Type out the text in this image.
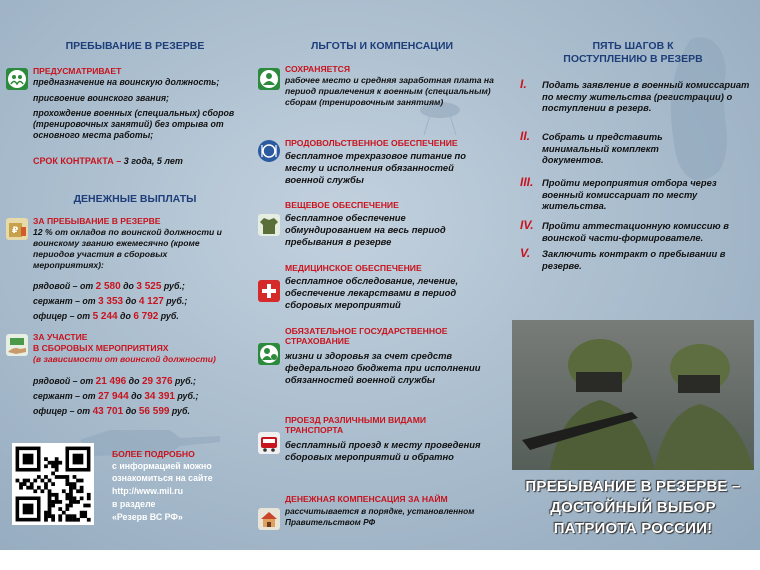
ПРЕБЫВАНИЕ В РЕЗЕРВЕ
ПРЕДУСМАТРИВАЕТ
предназначение на воинскую должность;
присвоение воинского звания;
прохождение военных (специальных) сборов (тренировочных занятий) без отрыва от основного места работы;
СРОК КОНТРАКТА – 3 года, 5 лет
ДЕНЕЖНЫЕ ВЫПЛАТЫ
₽
ЗА ПРЕБЫВАНИЕ В РЕЗЕРВЕ
12 % от окладов по воинской должности и воинскому званию ежемесячно (кроме периодов участия в сборовых мероприятиях):
рядовой – от 2 580 до 3 525 руб.;
сержант – от 3 353 до 4 127 руб.;
офицер – от 5 244 до 6 792 руб.
ЗА УЧАСТИЕ
В СБОРОВЫХ МЕРОПРИЯТИЯХ
(в зависимости от воинской должности)
рядовой – от 21 496 до 29 376 руб.;
сержант – от 27 944 до 34 391 руб.;
офицер – от 43 701 до 56 599 руб.
БОЛЕЕ ПОДРОБНО
с информацией можно
ознакомиться на сайте
http://www.mil.ru
в разделе
«Резерв ВС РФ»
ЛЬГОТЫ И КОМПЕНСАЦИИ
СОХРАНЯЕТСЯ
рабочее место и средняя заработная плата на период привлечения к военным (специальным) сборам (тренировочным занятиям)
ПРОДОВОЛЬСТВЕННОЕ ОБЕСПЕЧЕНИЕ
бесплатное трехразовое питание по месту и исполнения обязанностей военной службы
ВЕЩЕВОЕ ОБЕСПЕЧЕНИЕ
бесплатное обеспечение обмундированием на весь период пребывания в резерве
МЕДИЦИНСКОЕ ОБЕСПЕЧЕНИЕ
бесплатное обследование, лечение, обеспечение лекарствами в период сборовых мероприятий
ОБЯЗАТЕЛЬНОЕ ГОСУДАРСТВЕННОЕ СТРАХОВАНИЕ
жизни и здоровья за счет средств федерального бюджета при исполнении обязанностей военной службы
ПРОЕЗД РАЗЛИЧНЫМИ ВИДАМИ ТРАНСПОРТА
бесплатный проезд к месту проведения сборовых мероприятий и обратно
ДЕНЕЖНАЯ КОМПЕНСАЦИЯ ЗА НАЙМ
рассчитывается в порядке, установленном Правительством РФ
ПЯТЬ ШАГОВ К ПОСТУПЛЕНИЮ В РЕЗЕРВ
I. Подать заявление в военный комиссариат по месту жительства (регистрации) о поступлении в резерв.
II. Собрать и представить минимальный комплект документов.
III. Пройти мероприятия отбора через военный комиссариат по месту жительства.
IV. Пройти аттестационную комиссию в воинской части-формирователе.
V. Заключить контракт о пребывании в резерве.
ПРЕБЫВАНИЕ В РЕЗЕРВЕ –
ДОСТОЙНЫЙ ВЫБОР
ПАТРИОТА РОССИИ!
